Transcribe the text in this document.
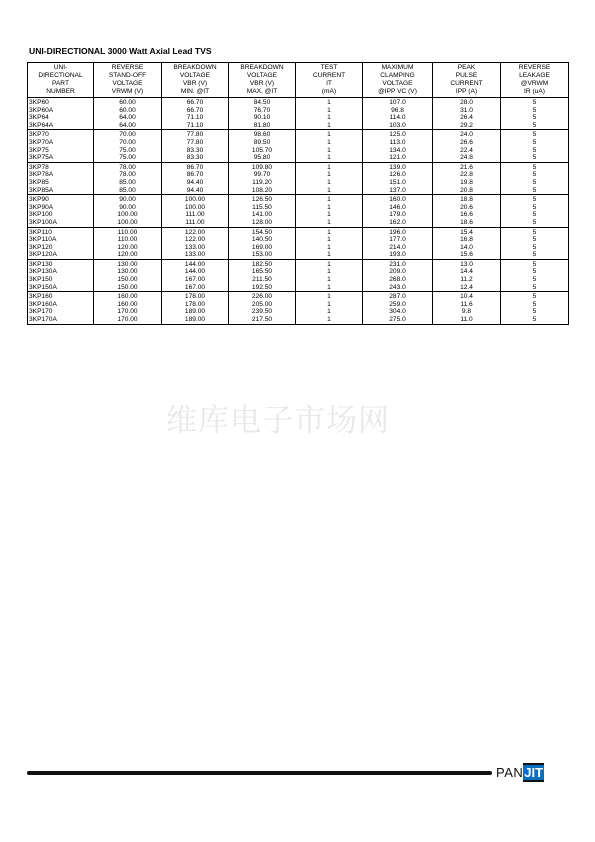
UNI-DIRECTIONAL 3000 Watt Axial Lead TVS
UNI-
DIRECTIONAL
PART
NUMBER	REVERSE
STAND-OFF
VOLTAGE
VRWM (V)	BREAKDOWN
VOLTAGE
VBR (V)
MIN. @IT	BREAKDOWN
VOLTAGE
VBR (V)
MAX. @IT	TEST
CURRENT
IT
(mA)	MAXIMUM
CLAMPING
VOLTAGE
@IPP VC (V)	PEAK
PULSE
CURRENT
IPP (A)	REVERSE
LEAKAGE
@VRWM
IR (uA)
3KP60	60.00	66.70	84.50	1	107.0	28.0	5
3KP60A	60.00	66.70	76.70	1	96.8	31.0	5
3KP64	64.00	71.10	90.10	1	114.0	26.4	5
3KP64A	64.00	71.10	81.80	1	103.0	29.2	5
3KP70	70.00	77.80	98.60	1	125.0	24.0	5
3KP70A	70.00	77.80	89.50	1	113.0	26.6	5
3KP75	75.00	83.30	105.70	1	134.0	22.4	5
3KP75A	75.00	83.30	95.80	1	121.0	24.8	5
3KP78	78.00	86.70	109.80	1	139.0	21.6	5
3KP78A	78.00	86.70	99.70	1	126.0	22.8	5
3KP85	85.00	94.40	119.20	1	151.0	19.8	5
3KP85A	85.00	94.40	108.20	1	137.0	20.8	5
3KP90	90.00	100.00	126.50	1	160.0	18.8	5
3KP90A	90.00	100.00	115.50	1	146.0	20.6	5
3KP100	100.00	111.00	141.00	1	179.0	16.6	5
3KP100A	100.00	111.00	128.00	1	162.0	18.6	5
3KP110	110.00	122.00	154.50	1	196.0	15.4	5
3KP110A	110.00	122.00	140.50	1	177.0	16.8	5
3KP120	120.00	133.00	169.00	1	214.0	14.0	5
3KP120A	120.00	133.00	153.00	1	193.0	15.6	5
3KP130	130.00	144.00	182.50	1	231.0	13.0	5
3KP130A	130.00	144.00	165.50	1	209.0	14.4	5
3KP150	150.00	167.00	211.50	1	268.0	11.2	5
3KP150A	150.00	167.00	192.50	1	243.0	12.4	5
3KP160	160.00	178.00	226.00	1	287.0	10.4	5
3KP160A	160.00	178.00	205.00	1	259.0	11.6	5
3KP170	170.00	189.00	239.50	1	304.0	9.8	5
3KP170A	170.00	189.00	217.50	1	275.0	11.0	5
维库电子市场网
PANJIT
